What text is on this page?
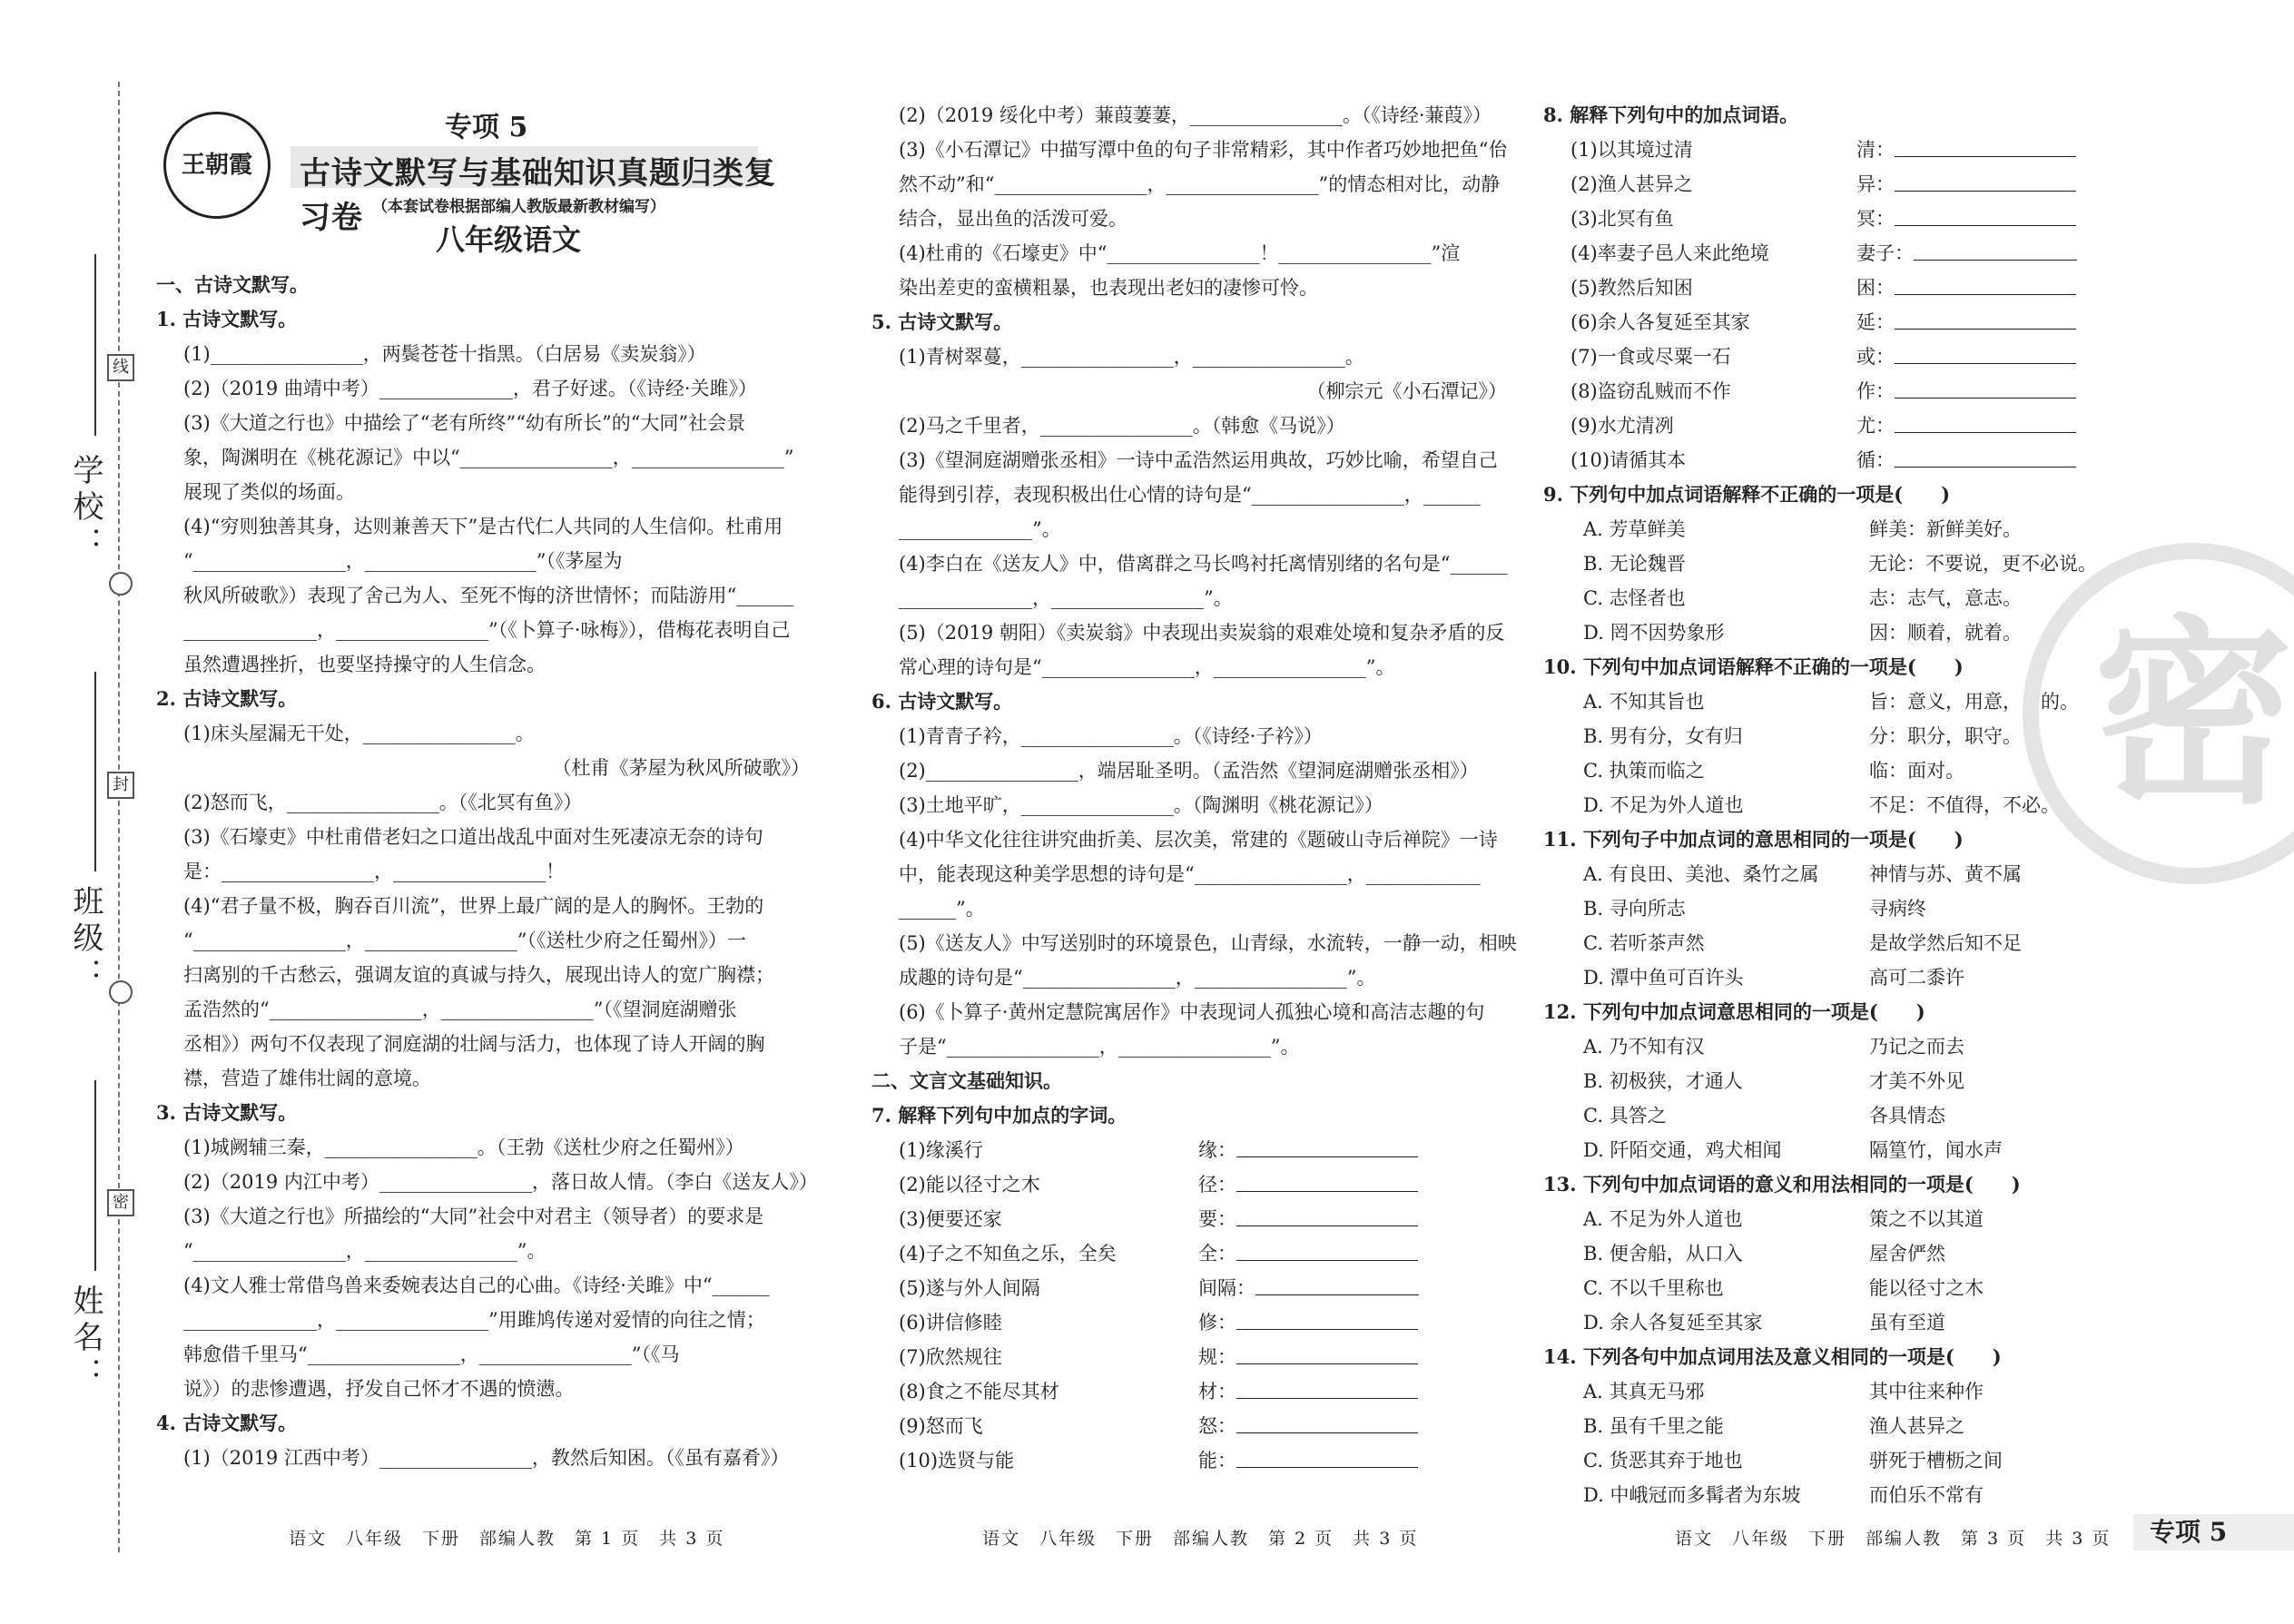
学校：
班级：
姓名：
线
封
密
王朝霞
专项 5
古诗文默写与基础知识真题归类复习卷 （本套试卷根据部编人教版最新教材编写）
八年级语文
一、古诗文默写。
1. 古诗文默写。
(1)________________，两鬓苍苍十指黑。（白居易《卖炭翁》）
(2)（2019 曲靖中考）______________，君子好逑。（《诗经·关雎》）
(3)《大道之行也》中描绘了“老有所终”“幼有所长”的“大同”社会景
象，陶渊明在《桃花源记》中以“________________，________________”
展现了类似的场面。
(4)“穷则独善其身，达则兼善天下”是古代仁人共同的人生信仰。杜甫用
“________________，__________________”（《茅屋为
秋风所破歌》）表现了舍己为人、至死不悔的济世情怀；而陆游用“______
______________，________________”（《卜算子·咏梅》），借梅花表明自己
虽然遭遇挫折，也要坚持操守的人生信念。
2. 古诗文默写。
(1)床头屋漏无干处，________________。
（杜甫《茅屋为秋风所破歌》）
(2)怒而飞，________________。（《北冥有鱼》）
(3)《石壕吏》中杜甫借老妇之口道出战乱中面对生死凄凉无奈的诗句
是：________________，________________！
(4)“君子量不极，胸吞百川流”，世界上最广阔的是人的胸怀。王勃的
“________________，________________”（《送杜少府之任蜀州》）一
扫离别的千古愁云，强调友谊的真诚与持久，展现出诗人的宽广胸襟；
孟浩然的“________________，________________”（《望洞庭湖赠张
丞相》）两句不仅表现了洞庭湖的壮阔与活力，也体现了诗人开阔的胸
襟，营造了雄伟壮阔的意境。
3. 古诗文默写。
(1)城阙辅三秦，________________。（王勃《送杜少府之任蜀州》）
(2)（2019 内江中考）________________，落日故人情。（李白《送友人》）
(3)《大道之行也》所描绘的“大同”社会中对君主（领导者）的要求是
“________________，________________”。
(4)文人雅士常借鸟兽来委婉表达自己的心曲。《诗经·关雎》中“______
______________，________________”用雎鸠传递对爱情的向往之情；
韩愈借千里马“________________，________________”（《马
说》）的悲惨遭遇，抒发自己怀才不遇的愤懑。
4. 古诗文默写。
(1)（2019 江西中考）________________，教然后知困。（《虽有嘉肴》）
(2)（2019 绥化中考）蒹葭萋萋，________________。（《诗经·蒹葭》）
(3)《小石潭记》中描写潭中鱼的句子非常精彩，其中作者巧妙地把鱼“佁
然不动”和“________________，________________”的情态相对比，动静
结合，显出鱼的活泼可爱。
(4)杜甫的《石壕吏》中“________________！________________”渲
染出差吏的蛮横粗暴，也表现出老妇的凄惨可怜。
5. 古诗文默写。
(1)青树翠蔓，________________，________________。
（柳宗元《小石潭记》）
(2)马之千里者，________________。（韩愈《马说》）
(3)《望洞庭湖赠张丞相》一诗中孟浩然运用典故，巧妙比喻，希望自己
能得到引荐，表现积极出仕心情的诗句是“________________，______
______________”。
(4)李白在《送友人》中，借离群之马长鸣衬托离情别绪的名句是“______
______________，________________”。
(5)（2019 朝阳）《卖炭翁》中表现出卖炭翁的艰难处境和复杂矛盾的反
常心理的诗句是“________________，________________”。
6. 古诗文默写。
(1)青青子衿，________________。（《诗经·子衿》）
(2)________________，端居耻圣明。（孟浩然《望洞庭湖赠张丞相》）
(3)土地平旷，________________。（陶渊明《桃花源记》）
(4)中华文化往往讲究曲折美、层次美，常建的《题破山寺后禅院》一诗
中，能表现这种美学思想的诗句是“________________，____________
______”。
(5)《送友人》中写送别时的环境景色，山青绿，水流转，一静一动，相映
成趣的诗句是“________________，________________”。
(6)《卜算子·黄州定慧院寓居作》中表现词人孤独心境和高洁志趣的句
子是“________________，________________”。
二、文言文基础知识。
7. 解释下列句中加点的字词。
(1)缘溪行	缘：
(2)能以径寸之木	径：
(3)便要还家	要：
(4)子之不知鱼之乐，全矣	全：
(5)遂与外人间隔	间隔：
(6)讲信修睦	修：
(7)欣然规往	规：
(8)食之不能尽其材	材：
(9)怒而飞	怒：
(10)选贤与能	能：
8. 解释下列句中的加点词语。
(1)以其境过清	清：
(2)渔人甚异之	异：
(3)北冥有鱼	冥：
(4)率妻子邑人来此绝境	妻子：
(5)教然后知困	困：
(6)余人各复延至其家	延：
(7)一食或尽粟一石	或：
(8)盗窃乱贼而不作	作：
(9)水尤清冽	尤：
(10)请循其本	循：
9. 下列句中加点词语解释不正确的一项是(　　)
A. 芳草鲜美	鲜美：新鲜美好。
B. 无论魏晋	无论：不要说，更不必说。
C. 志怪者也	志：志气，意志。
D. 罔不因势象形	因：顺着，就着。
10. 下列句中加点词语解释不正确的一项是(　　)
A. 不知其旨也	旨：意义，用意，目的。
B. 男有分，女有归	分：职分，职守。
C. 执策而临之	临：面对。
D. 不足为外人道也	不足：不值得，不必。
11. 下列句子中加点词的意思相同的一项是(　　)
A. 有良田、美池、桑竹之属	神情与苏、黄不属
B. 寻向所志	寻病终
C. 若听茶声然	是故学然后知不足
D. 潭中鱼可百许头	高可二黍许
12. 下列句中加点词意思相同的一项是(　　)
A. 乃不知有汉	乃记之而去
B. 初极狭，才通人	才美不外见
C. 具答之	各具情态
D. 阡陌交通，鸡犬相闻	隔篁竹，闻水声
13. 下列句中加点词语的意义和用法相同的一项是(　　)
A. 不足为外人道也	策之不以其道
B. 便舍船，从口入	屋舍俨然
C. 不以千里称也	能以径寸之木
D. 余人各复延至其家	虽有至道
14. 下列各句中加点词用法及意义相同的一项是(　　)
A. 其真无马邪	其中往来种作
B. 虽有千里之能	渔人甚异之
C. 货恶其弃于地也	骈死于槽枥之间
D. 中峨冠而多髯者为东坡	而伯乐不常有
密
语文　八年级　下册　部编人教　第 1 页　共 3 页	语文　八年级　下册　部编人教　第 2 页　共 3 页	语文　八年级　下册　部编人教　第 3 页　共 3 页 专项 5
